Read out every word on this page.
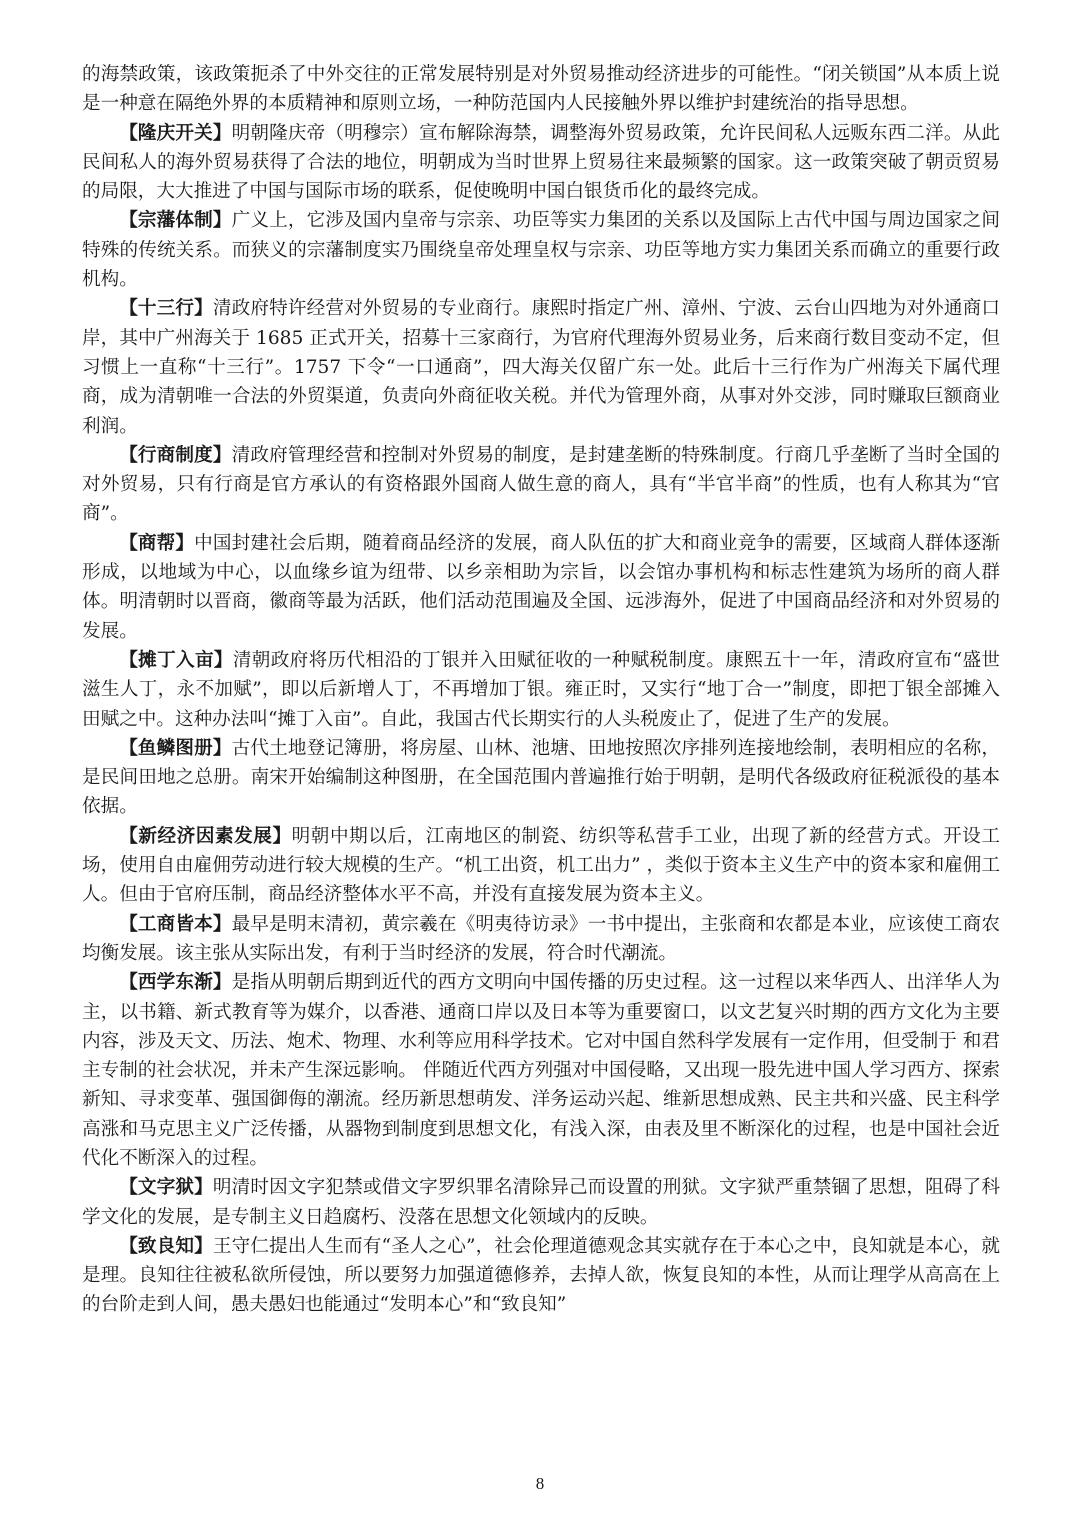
的海禁政策，该政策扼杀了中外交往的正常发展特别是对外贸易推动经济进步的可能性。“闭关锁国”从本质上说是一种意在隔绝外界的本质精神和原则立场，一种防范国内人民接触外界以维护封建统治的指导思想。

【隆庆开关】明朝隆庆帝（明穆宗）宣布解除海禁，调整海外贸易政策，允许民间私人远贩东西二洋。从此民间私人的海外贸易获得了合法的地位，明朝成为当时世界上贸易往来最频繁的国家。这一政策突破了朝贡贸易的局限，大大推进了中国与国际市场的联系，促使晚明中国白银货币化的最终完成。

【宗藩体制】广义上，它涉及国内皇帝与宗亲、功臣等实力集团的关系以及国际上古代中国与周边国家之间特殊的传统关系。而狭义的宗藩制度实乃围绕皇帝处理皇权与宗亲、功臣等地方实力集团关系而确立的重要行政机构。

【十三行】清政府特许经营对外贸易的专业商行。康熙时指定广州、漳州、宁波、云台山四地为对外通商口岸，其中广州海关于 1685 正式开关，招募十三家商行，为官府代理海外贸易业务，后来商行数目变动不定，但习惯上一直称“十三行”。1757 下令“一口通商”，四大海关仅留广东一处。此后十三行作为广州海关下属代理商，成为清朝唯一合法的外贸渠道，负责向外商征收关税。并代为管理外商，从事对外交涉，同时赚取巨额商业利润。

【行商制度】清政府管理经营和控制对外贸易的制度，是封建垄断的特殊制度。行商几乎垄断了当时全国的对外贸易，只有行商是官方承认的有资格跟外国商人做生意的商人，具有“半官半商”的性质，也有人称其为“官商”。

【商帮】中国封建社会后期，随着商品经济的发展，商人队伍的扩大和商业竞争的需要，区域商人群体逐渐形成，以地域为中心，以血缘乡谊为纽带、以乡亲相助为宗旨，以会馆办事机构和标志性建筑为场所的商人群体。明清朝时以晋商，徽商等最为活跃，他们活动范围遍及全国、远涉海外，促进了中国商品经济和对外贸易的发展。

【摊丁入亩】清朝政府将历代相沿的丁银并入田赋征收的一种赋税制度。康熙五十一年，清政府宣布“盛世滋生人丁，永不加赋”，即以后新增人丁，不再增加丁银。雍正时，又实行“地丁合一”制度，即把丁银全部摊入田赋之中。这种办法叫“摊丁入亩”。自此，我国古代长期实行的人头税废止了，促进了生产的发展。

【鱼鳞图册】古代土地登记簿册，将房屋、山林、池塘、田地按照次序排列连接地绘制，表明相应的名称，是民间田地之总册。南宋开始编制这种图册，在全国范围内普遍推行始于明朝，是明代各级政府征税派役的基本依据。

【新经济因素发展】明朝中期以后，江南地区的制瓷、纺织等私营手工业，出现了新的经营方式。开设工场，使用自由雇佣劳动进行较大规模的生产。“机工出资，机工出力” ，类似于资本主义生产中的资本家和雇佣工人。但由于官府压制，商品经济整体水平不高，并没有直接发展为资本主义。

【工商皆本】最早是明末清初，黄宗羲在《明夷待访录》一书中提出，主张商和农都是本业，应该使工商农均衡发展。该主张从实际出发，有利于当时经济的发展，符合时代潮流。

【西学东渐】是指从明朝后期到近代的西方文明向中国传播的历史过程。这一过程以来华西人、出洋华人为主，以书籍、新式教育等为媒介，以香港、通商口岸以及日本等为重要窗口，以文艺复兴时期的西方文化为主要内容，涉及天文、历法、炮术、物理、水利等应用科学技术。它对中国自然科学发展有一定作用，但受制于 和君主专制的社会状况，并未产生深远影响。 伴随近代西方列强对中国侵略，又出现一股先进中国人学习西方、探索新知、寻求变革、强国御侮的潮流。经历新思想萌发、洋务运动兴起、维新思想成熟、民主共和兴盛、民主科学高涨和马克思主义广泛传播，从器物到制度到思想文化，有浅入深，由表及里不断深化的过程，也是中国社会近代化不断深入的过程。

【文字狱】明清时因文字犯禁或借文字罗织罪名清除异己而设置的刑狱。文字狱严重禁锢了思想，阻碍了科学文化的发展，是专制主义日趋腐朽、没落在思想文化领域内的反映。

【致良知】王守仁提出人生而有“圣人之心”，社会伦理道德观念其实就存在于本心之中，良知就是本心，就是理。良知往往被私欲所侵蚀，所以要努力加强道德修养，去掉人欲，恢复良知的本性，从而让理学从高高在上的台阶走到人间，愚夫愚妇也能通过“发明本心”和“致良知”

8
